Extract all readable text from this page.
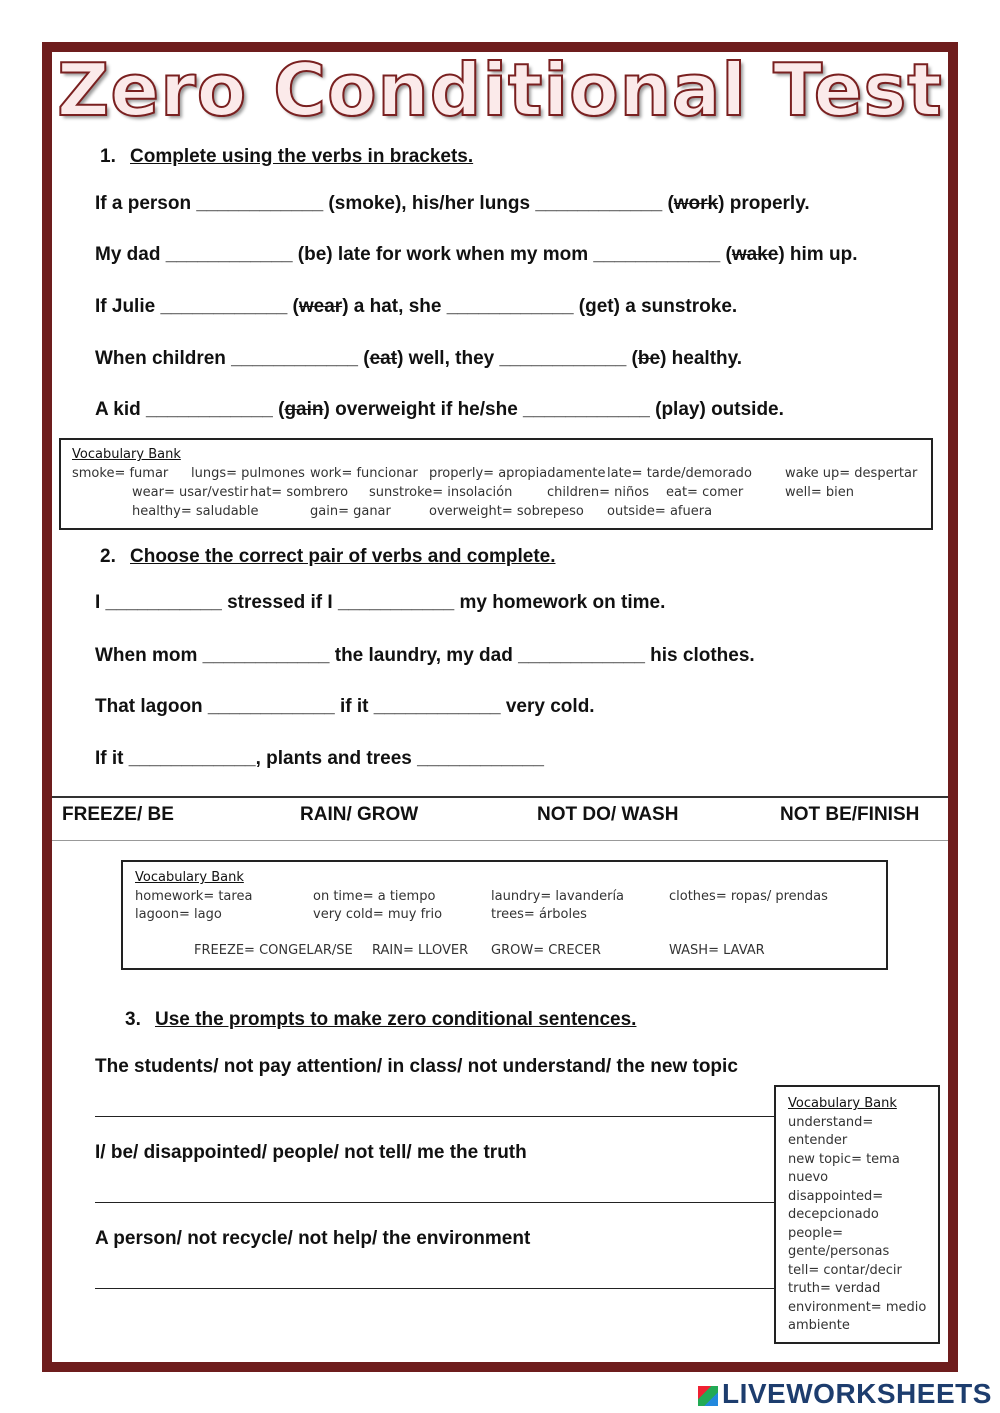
Zero Conditional Test
1. Complete using the verbs in brackets.
If a person ____________ (smoke), his/her lungs ____________ (work) properly.
My dad ____________ (be) late for work when my mom ____________ (wake) him up.
If Julie ____________ (wear) a hat, she ____________ (get) a sunstroke.
When children ____________ (eat) well, they ____________ (be) healthy.
A kid ____________ (gain) overweight if he/she ____________ (play) outside.
Vocabulary Bank
smoke= fumar lungs= pulmones work= funcionar properly= apropiadamente late= tarde/demorado	wake up= despertar
wear= usar/vestir hat= sombrero sunstroke= insolación	children= niños eat= comer	well= bien
healthy= saludable	gain= ganar	overweight= sobrepeso outside= afuera
2. Choose the correct pair of verbs and complete.
I ___________ stressed if I ___________ my homework on time.
When mom ____________ the laundry, my dad ____________ his clothes.
That lagoon ____________ if it ____________ very cold.
If it ____________, plants and trees ____________
FREEZE/ BE	RAIN/ GROW	NOT DO/ WASH	NOT BE/FINISH
Vocabulary Bank
homework= tarea	on time= a tiempo	laundry= lavandería	clothes= ropas/ prendas
lagoon= lago	very cold= muy frio	trees= árboles
FREEZE= CONGELAR/SE RAIN= LLOVER GROW= CRECER	WASH= LAVAR
3. Use the prompts to make zero conditional sentences.
The students/ not pay attention/ in class/ not understand/ the new topic
I/ be/ disappointed/ people/ not tell/ me the truth
A person/ not recycle/ not help/ the environment
Vocabulary Bank
understand= entender
new topic= tema
nuevo
disappointed=
decepcionado
people=
gente/personas
tell= contar/decir
truth= verdad
environment= medio
ambiente
LIVEWORKSHEETS
